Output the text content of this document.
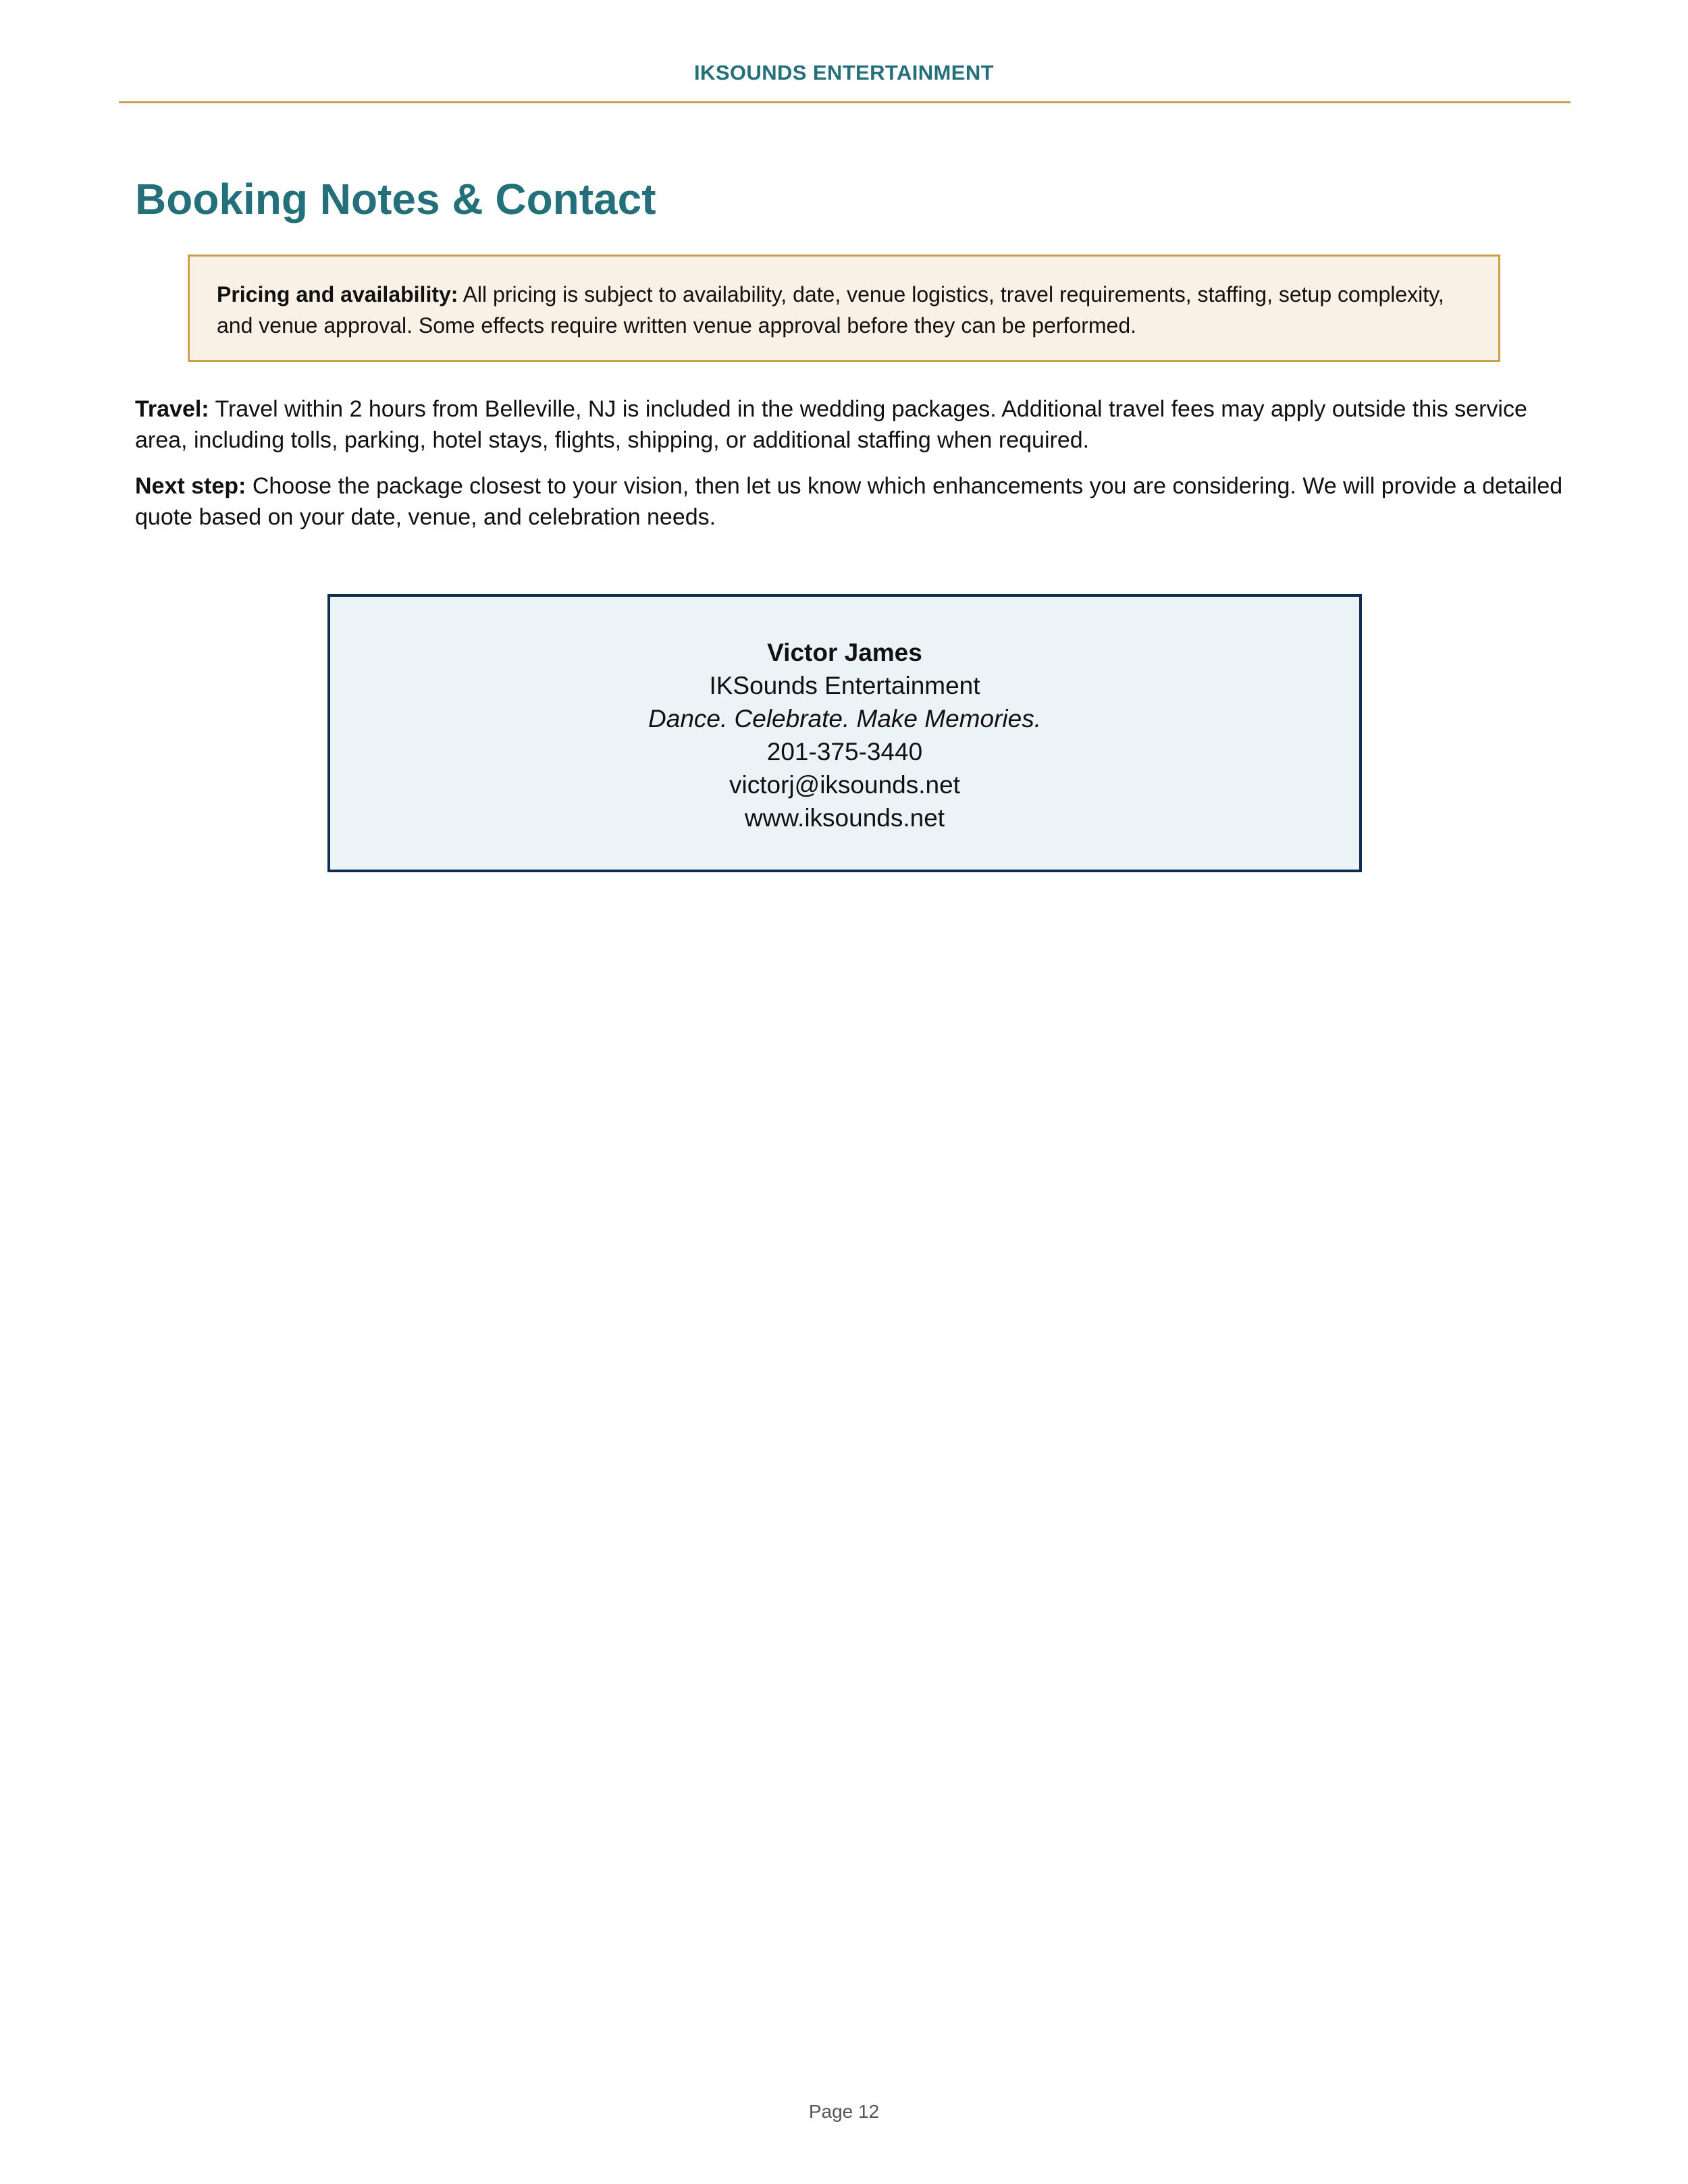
IKSOUNDS ENTERTAINMENT
Booking Notes & Contact
Pricing and availability: All pricing is subject to availability, date, venue logistics, travel requirements, staffing, setup complexity, and venue approval. Some effects require written venue approval before they can be performed.

Travel: Travel within 2 hours from Belleville, NJ is included in the wedding packages. Additional travel fees may apply outside this service area, including tolls, parking, hotel stays, flights, shipping, or additional staffing when required.

Next step: Choose the package closest to your vision, then let us know which enhancements you are considering. We will provide a detailed quote based on your date, venue, and celebration needs.

Victor James
IKSounds Entertainment
Dance. Celebrate. Make Memories.
201-375-3440
victorj@iksounds.net
www.iksounds.net
Page 12
